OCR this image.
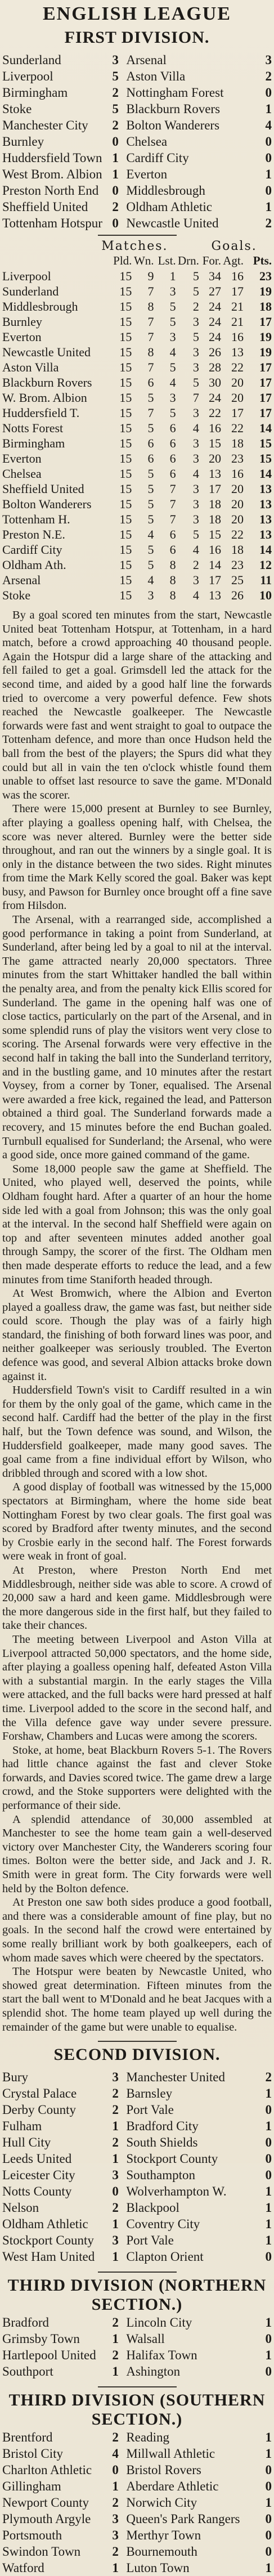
ENGLISH LEAGUE
FIRST DIVISION.
Sunderland	3	Arsenal	3
Liverpool	5	Aston Villa	2
Birmingham	2	Nottingham Forest	0
Stoke	5	Blackburn Rovers	1
Manchester City	2	Bolton Wanderers	4
Burnley	0	Chelsea	0
Huddersfield Town	1	Cardiff City	0
West Brom. Albion	1	Everton	1
Preston North End	0	Middlesbrough	0
Sheffield United	2	Oldham Athletic	1
Tottenham Hotspur	0	Newcastle United	2
Matches.	Goals.
	Pld.	Wn.	Lst.	Drn.	For.	Agt.	Pts.
Liverpool	15	9	1	5	34	16	23
Sunderland	15	7	3	5	27	17	19
Middlesbrough	15	8	5	2	24	21	18
Burnley	15	7	5	3	24	21	17
Everton	15	7	3	5	24	16	19
Newcastle United	15	8	4	3	26	13	19
Aston Villa	15	7	5	3	28	22	17
Blackburn Rovers	15	6	4	5	30	20	17
W. Brom. Albion	15	5	3	7	24	20	17
Huddersfield T.	15	7	5	3	22	17	17
Notts Forest	15	5	6	4	16	22	14
Birmingham	15	6	6	3	15	18	15
Everton	15	6	6	3	20	23	15
Chelsea	15	5	6	4	13	16	14
Sheffield United	15	5	7	3	17	20	13
Bolton Wanderers	15	5	7	3	18	20	13
Tottenham H.	15	5	7	3	18	20	13
Preston N.E.	15	4	6	5	15	22	13
Cardiff City	15	5	6	4	16	18	14
Oldham Ath.	15	5	8	2	14	23	12
Arsenal	15	4	8	3	17	25	11
Stoke	15	3	8	4	13	26	10

By a goal scored ten minutes from the start, Newcastle United beat Tottenham Hotspur, at Tottenham, in a hard match, before a crowd approaching 40 thousand people. Again the Hotspur did a large share of the attacking and fell failed to get a goal. Grimsdell led the attack for the second time, and aided by a good half line the forwards tried to overcome a very powerful defence. Few shots reached the Newcastle goalkeeper. The Newcastle forwards were fast and went straight to goal to outpace the Tottenham defence, and more than once Hudson held the ball from the best of the players; the Spurs did what they could but all in vain the ten o'clock whistle found them unable to offset last resource to save the game. M'Donald was the scorer.

There were 15,000 present at Burnley to see Burnley, after playing a goalless opening half, with Chelsea, the score was never altered. Burnley were the better side throughout, and ran out the winners by a single goal. It is only in the distance between the two sides. Right minutes from time the Mark Kelly scored the goal. Baker was kept busy, and Pawson for Burnley once brought off a fine save from Hilsdon.

The Arsenal, with a rearranged side, accomplished a good performance in taking a point from Sunderland, at Sunderland, after being led by a goal to nil at the interval. The game attracted nearly 20,000 spectators. Three minutes from the start Whittaker handled the ball within the penalty area, and from the penalty kick Ellis scored for Sunderland. The game in the opening half was one of close tactics, particularly on the part of the Arsenal, and in some splendid runs of play the visitors went very close to scoring. The Arsenal forwards were very effective in the second half in taking the ball into the Sunderland territory, and in the bustling game, and 10 minutes after the restart Voysey, from a corner by Toner, equalised. The Arsenal were awarded a free kick, regained the lead, and Patterson obtained a third goal. The Sunderland forwards made a recovery, and 15 minutes before the end Buchan goaled. Turnbull equalised for Sunderland; the Arsenal, who were a good side, once more gained command of the game.

Some 18,000 people saw the game at Sheffield. The United, who played well, deserved the points, while Oldham fought hard. After a quarter of an hour the home side led with a goal from Johnson; this was the only goal at the interval. In the second half Sheffield were again on top and after seventeen minutes added another goal through Sampy, the scorer of the first. The Oldham men then made desperate efforts to reduce the lead, and a few minutes from time Staniforth headed through.

At West Bromwich, where the Albion and Everton played a goalless draw, the game was fast, but neither side could score. Though the play was of a fairly high standard, the finishing of both forward lines was poor, and neither goalkeeper was seriously troubled. The Everton defence was good, and several Albion attacks broke down against it.

Huddersfield Town's visit to Cardiff resulted in a win for them by the only goal of the game, which came in the second half. Cardiff had the better of the play in the first half, but the Town defence was sound, and Wilson, the Huddersfield goalkeeper, made many good saves. The goal came from a fine individual effort by Wilson, who dribbled through and scored with a low shot.

A good display of football was witnessed by the 15,000 spectators at Birmingham, where the home side beat Nottingham Forest by two clear goals. The first goal was scored by Bradford after twenty minutes, and the second by Crosbie early in the second half. The Forest forwards were weak in front of goal.

At Preston, where Preston North End met Middlesbrough, neither side was able to score. A crowd of 20,000 saw a hard and keen game. Middlesbrough were the more dangerous side in the first half, but they failed to take their chances.

The meeting between Liverpool and Aston Villa at Liverpool attracted 50,000 spectators, and the home side, after playing a goalless opening half, defeated Aston Villa with a substantial margin. In the early stages the Villa were attacked, and the full backs were hard pressed at half time. Liverpool added to the score in the second half, and the Villa defence gave way under severe pressure. Forshaw, Chambers and Lucas were among the scorers.

Stoke, at home, beat Blackburn Rovers 5-1. The Rovers had little chance against the fast and clever Stoke forwards, and Davies scored twice. The game drew a large crowd, and the Stoke supporters were delighted with the performance of their side.

A splendid attendance of 30,000 assembled at Manchester to see the home team gain a well-deserved victory over Manchester City, the Wanderers scoring four times. Bolton were the better side, and Jack and J. R. Smith were in great form. The City forwards were well held by the Bolton defence.

At Preston one saw both sides produce a good football, and there was a considerable amount of fine play, but no goals. In the second half the crowd were entertained by some really brilliant work by both goalkeepers, each of whom made saves which were cheered by the spectators.

The Hotspur were beaten by Newcastle United, who showed great determination. Fifteen minutes from the start the ball went to M'Donald and he beat Jacques with a splendid shot. The home team played up well during the remainder of the game but were unable to equalise.

SECOND DIVISION.
Bury	3	Manchester United	2
Crystal Palace	2	Barnsley	1
Derby County	2	Port Vale	0
Fulham	1	Bradford City	1
Hull City	2	South Shields	0
Leeds United	1	Stockport County	0
Leicester City	3	Southampton	0
Notts County	0	Wolverhampton W.	1
Nelson	2	Blackpool	1
Oldham Athletic	1	Coventry City	1
Stockport County	3	Port Vale	1
West Ham United	1	Clapton Orient	0
THIRD DIVISION (NORTHERN SECTION.)
Bradford	2	Lincoln City	1
Grimsby Town	1	Walsall	0
Hartlepool United	2	Halifax Town	1
Southport	1	Ashington	0
THIRD DIVISION (SOUTHERN SECTION.)
Brentford	2	Reading	1
Bristol City	4	Millwall Athletic	1
Charlton Athletic	0	Bristol Rovers	0
Gillingham	1	Aberdare Athletic	0
Newport County	2	Norwich City	1
Plymouth Argyle	3	Queen's Park Rangers	0
Portsmouth	3	Merthyr Town	0
Swindon Town	2	Bournemouth	0
Watford	1	Luton Town	1
